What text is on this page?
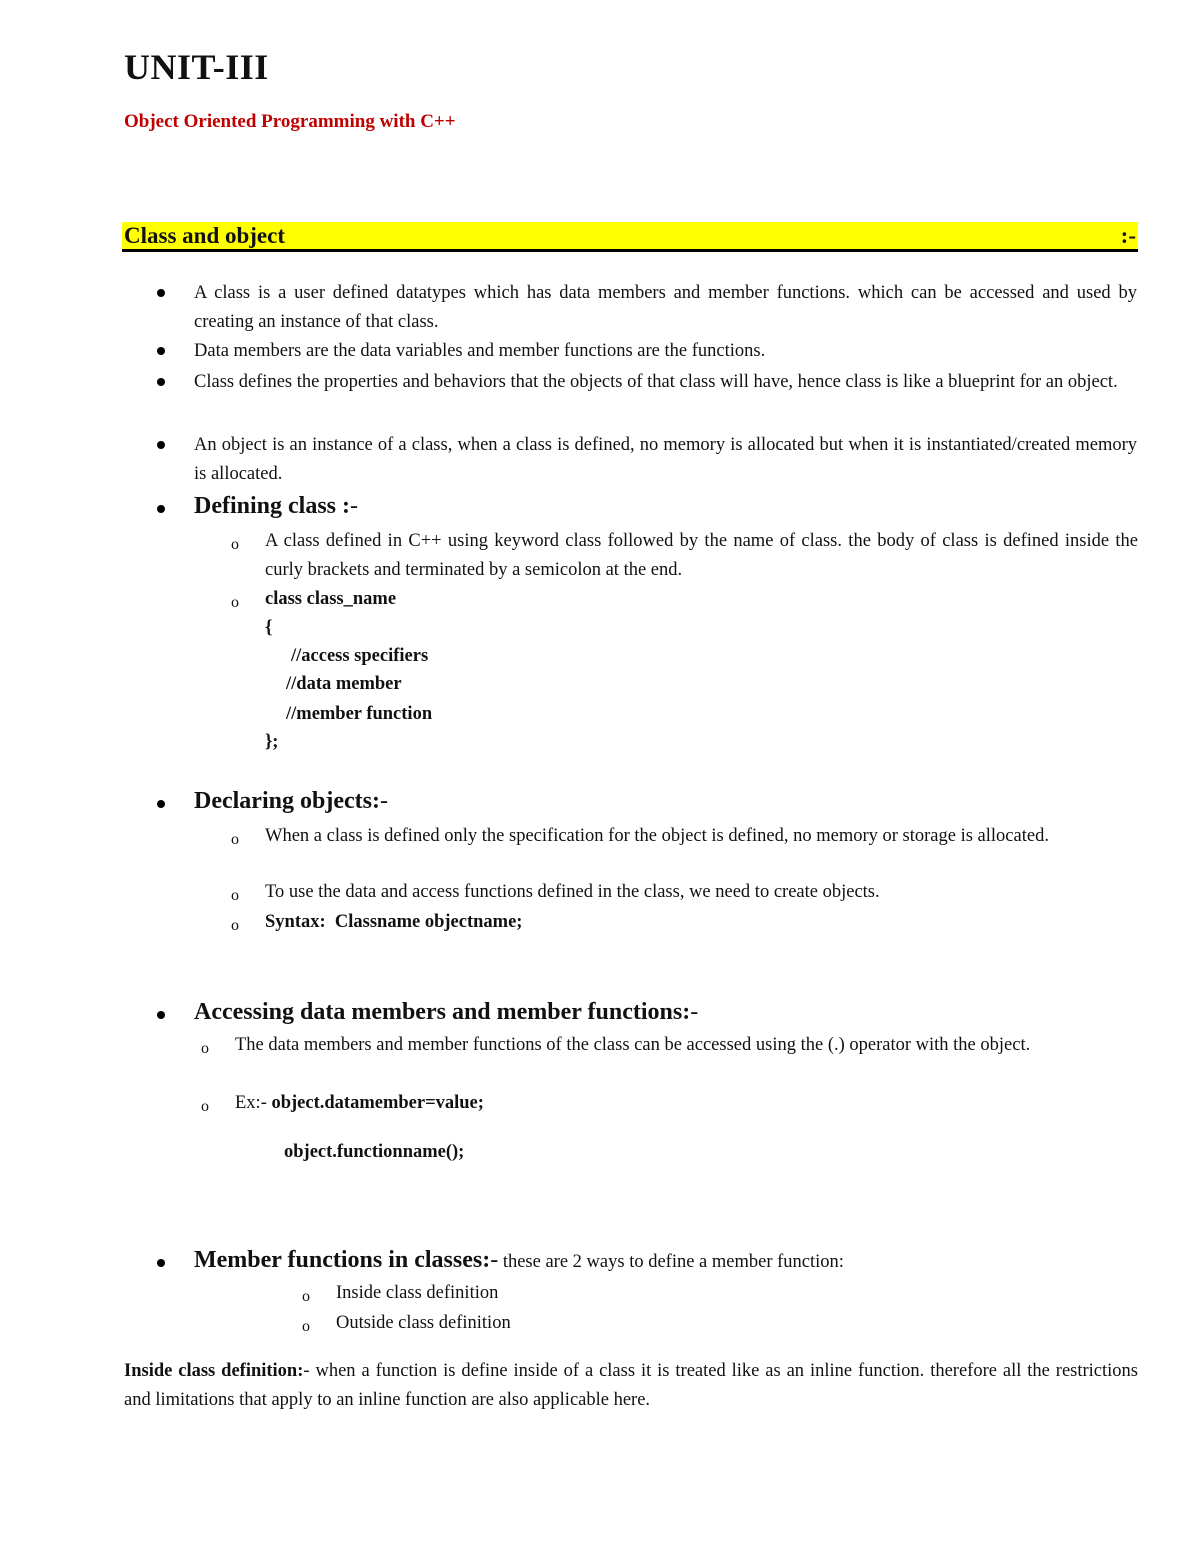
UNIT-III
Object Oriented Programming with C++
Class and object	:-
A class is a user defined datatypes which has data members and member functions. which can be accessed and used by creating an instance of that class.
Data members are the data variables and member functions are the functions.
Class defines the properties and behaviors that the objects of that class will have, hence class is like a blueprint for an object.
An object is an instance of a class, when a class is defined, no memory is allocated but when it is instantiated/created memory is allocated.
Defining class :-
o A class defined in C++ using keyword class followed by the name of class. the body of class is defined inside the curly brackets and terminated by a semicolon at the end.
o class class_name
{
//access specifiers
//data member
//member function
};
Declaring objects:-
o When a class is defined only the specification for the object is defined, no memory or storage is allocated.
o To use the data and access functions defined in the class, we need to create objects.
o Syntax: Classname objectname;
Accessing data members and member functions:-
o The data members and member functions of the class can be accessed using the (.) operator with the object.
o Ex:- object.datamember=value;
object.functionname();
Member functions in classes:- these are 2 ways to define a member function:
o Inside class definition
o Outside class definition
Inside class definition:- when a function is define inside of a class it is treated like as an inline function. therefore all the restrictions and limitations that apply to an inline function are also applicable here.
